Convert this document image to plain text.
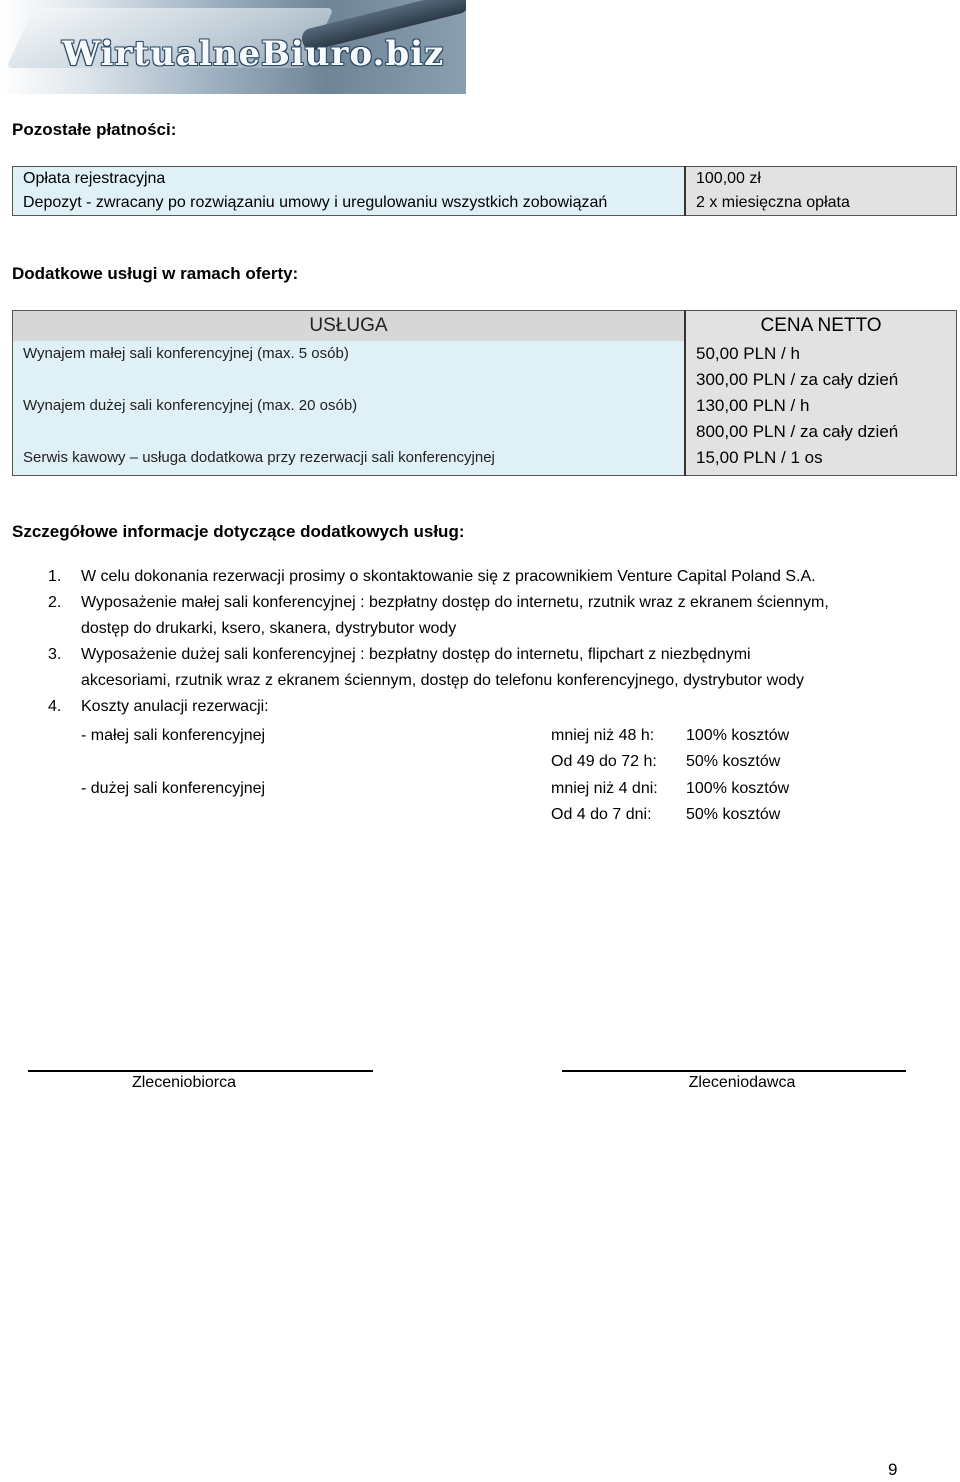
WirtualneBiuro.biz
Pozostałe płatności:
Opłata rejestracyjna	100,00 zł
Depozyt - zwracany po rozwiązaniu umowy i uregulowaniu wszystkich zobowiązań	2 x miesięczna opłata
Dodatkowe usługi w ramach oferty:
USŁUGA	CENA NETTO

Wynajem małej sali konferencyjnej (max. 5 osób)	50,00 PLN / h
300,00 PLN / za cały dzień

Wynajem dużej sali konferencyjnej (max. 20 osób)	130,00 PLN / h
800,00 PLN / za cały dzień

Serwis kawowy – usługa dodatkowa przy rezerwacji sali konferencyjnej	15,00 PLN / 1 os
Szczegółowe informacje dotyczące dodatkowych usług:
1. W celu dokonania rezerwacji prosimy o skontaktowanie się z pracownikiem Venture Capital Poland S.A.
2. Wyposażenie małej sali konferencyjnej : bezpłatny dostęp do internetu, rzutnik wraz z ekranem ściennym,
dostęp do drukarki, ksero, skanera, dystrybutor wody
3. Wyposażenie dużej sali konferencyjnej : bezpłatny dostęp do internetu, flipchart z niezbędnymi
akcesoriami, rzutnik wraz z ekranem ściennym, dostęp do telefonu konferencyjnego, dystrybutor wody
4. Koszty anulacji rezerwacji:
- małej sali konferencyjnej	mniej niż 48 h: 100% kosztów
Od 49 do 72 h: 50% kosztów
- dużej sali konferencyjnej	mniej niż 4 dni: 100% kosztów
Od 4 do 7 dni: 50% kosztów
Zleceniobiorca	Zleceniodawca
9
